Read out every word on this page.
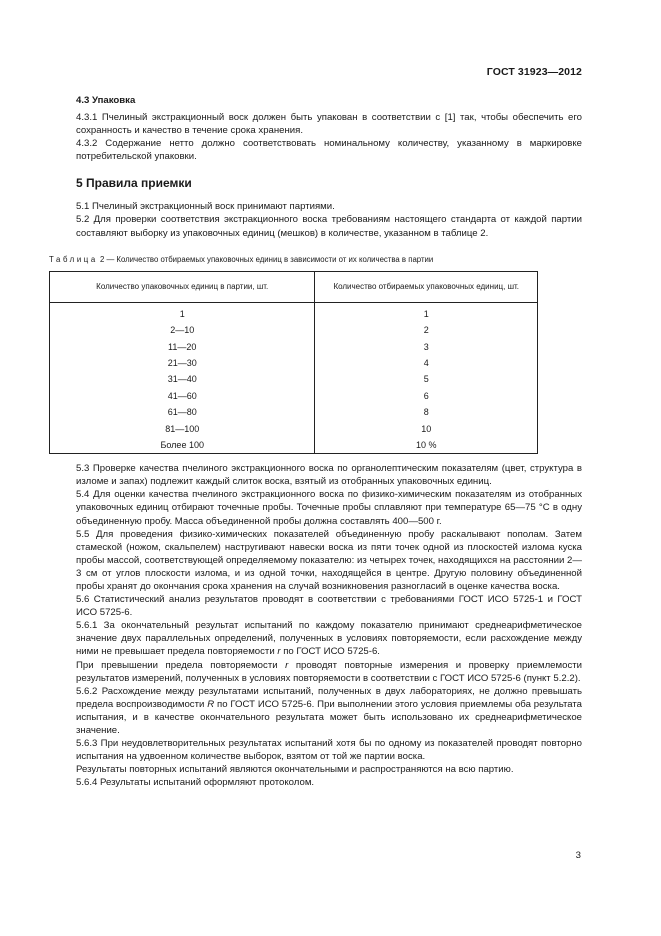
ГОСТ 31923—2012
4.3 Упаковка

4.3.1 Пчелиный экстракционный воск должен быть упакован в соответствии с [1] так, чтобы обеспечить его сохранность и качество в течение срока хранения.

4.3.2 Содержание нетто должно соответствовать номинальному количеству, указанному в маркировке потребительской упаковки.

5 Правила приемки

5.1 Пчелиный экстракционный воск принимают партиями.

5.2 Для проверки соответствия экстракционного воска требованиям настоящего стандарта от каждой партии составляют выборку из упаковочных единиц (мешков) в количестве, указанном в таблице 2.

Таблица 2 — Количество отбираемых упаковочных единиц в зависимости от их количества в партии
Количество упаковочных единиц в партии, шт.	Количество отбираемых упаковочных единиц, шт.
1	1
2—10	2
11—20	3
21—30	4
31—40	5
41—60	6
61—80	8
81—100	10
Более 100	10 %

5.3 Проверке качества пчелиного экстракционного воска по органолептическим показателям (цвет, структура в изломе и запах) подлежит каждый слиток воска, взятый из отобранных упаковочных единиц.

5.4 Для оценки качества пчелиного экстракционного воска по физико-химическим показателям из отобранных упаковочных единиц отбирают точечные пробы. Точечные пробы сплавляют при температуре 65—75 °С в одну объединенную пробу. Масса объединенной пробы должна составлять 400—500 г.

5.5 Для проведения физико-химических показателей объединенную пробу раскалывают пополам. Затем стамеской (ножом, скальпелем) настругивают навески воска из пяти точек одной из плоскостей излома куска пробы массой, соответствующей определяемому показателю: из четырех точек, находящихся на расстоянии 2—3 см от углов плоскости излома, и из одной точки, находящейся в центре. Другую половину объединенной пробы хранят до окончания срока хранения на случай возникновения разногласий в оценке качества воска.

5.6 Статистический анализ результатов проводят в соответствии с требованиями ГОСТ ИСО 5725-1 и ГОСТ ИСО 5725-6.

5.6.1 За окончательный результат испытаний по каждому показателю принимают среднеарифметическое значение двух параллельных определений, полученных в условиях повторяемости, если расхождение между ними не превышает предела повторяемости r по ГОСТ ИСО 5725-6.

При превышении предела повторяемости r проводят повторные измерения и проверку приемлемости результатов измерений, полученных в условиях повторяемости в соответствии с ГОСТ ИСО 5725-6 (пункт 5.2.2).

5.6.2 Расхождение между результатами испытаний, полученных в двух лабораториях, не должно превышать предела воспроизводимости R по ГОСТ ИСО 5725-6. При выполнении этого условия приемлемы оба результата испытания, и в качестве окончательного результата может быть использовано их среднеарифметическое значение.

5.6.3 При неудовлетворительных результатах испытаний хотя бы по одному из показателей проводят повторно испытания на удвоенном количестве выборок, взятом от той же партии воска.

Результаты повторных испытаний являются окончательными и распространяются на всю партию.

5.6.4 Результаты испытаний оформляют протоколом.

3
